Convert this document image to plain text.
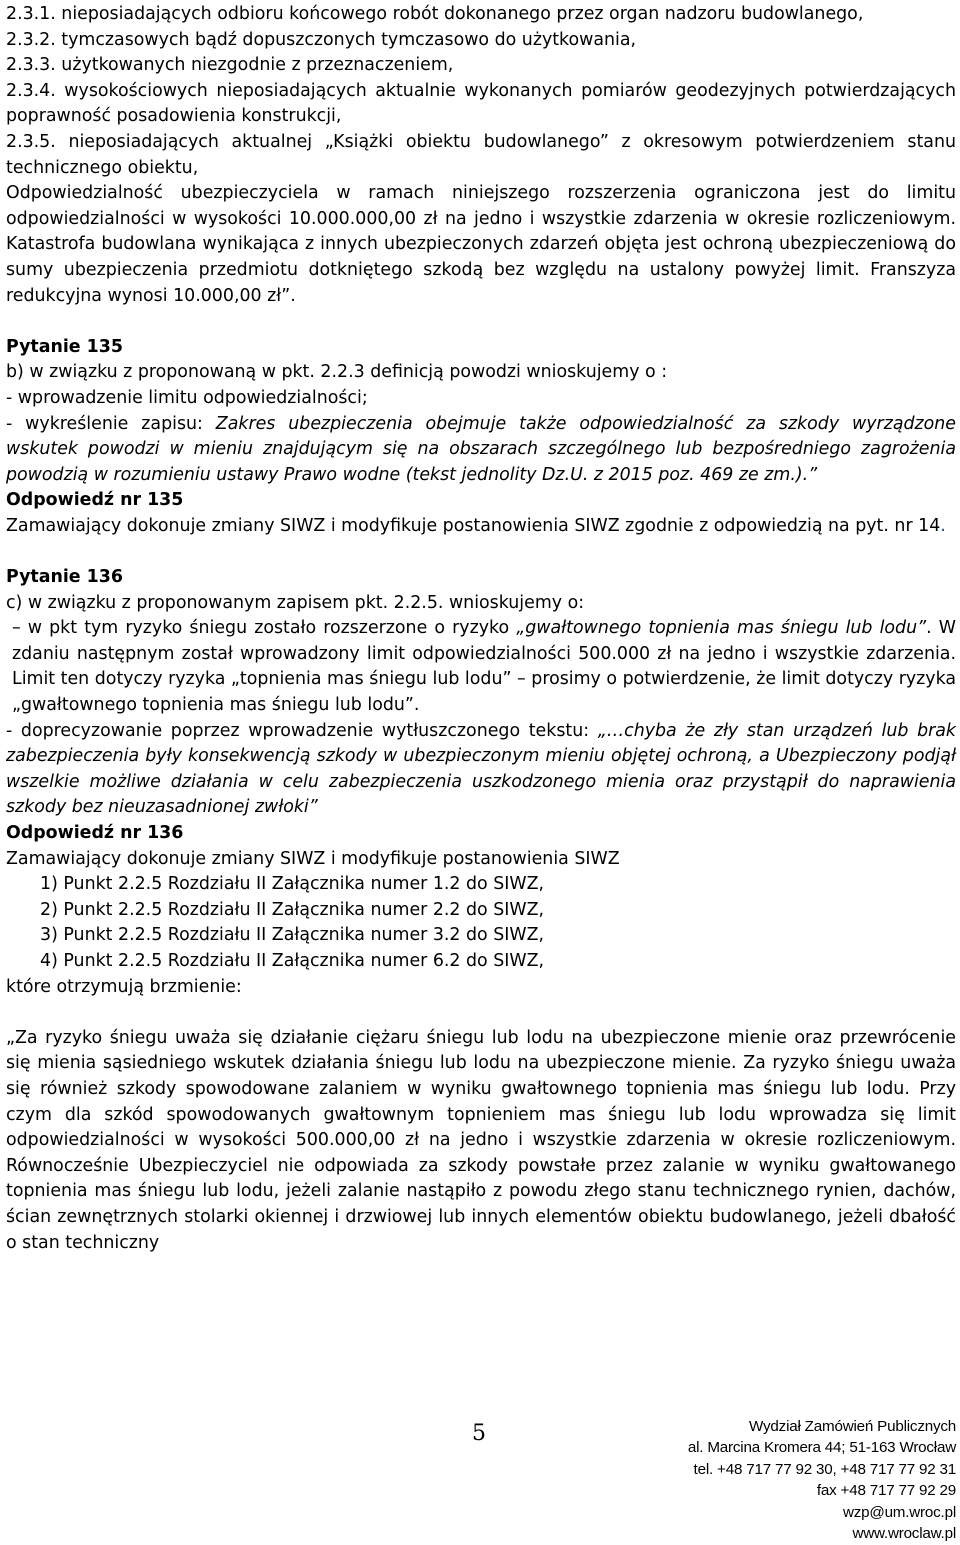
2.3.1. nieposiadających odbioru końcowego robót dokonanego przez organ nadzoru budowlanego,

2.3.2. tymczasowych bądź dopuszczonych tymczasowo do użytkowania,

2.3.3. użytkowanych niezgodnie z przeznaczeniem,

2.3.4. wysokościowych nieposiadających aktualnie wykonanych pomiarów geodezyjnych potwierdzających poprawność posadowienia konstrukcji,

2.3.5. nieposiadających aktualnej „Książki obiektu budowlanego” z okresowym potwierdzeniem stanu technicznego obiektu,

Odpowiedzialność ubezpieczyciela w ramach niniejszego rozszerzenia ograniczona jest do limitu odpowiedzialności w wysokości 10.000.000,00 zł na jedno i wszystkie zdarzenia w okresie rozliczeniowym. Katastrofa budowlana wynikająca z innych ubezpieczonych zdarzeń objęta jest ochroną ubezpieczeniową do sumy ubezpieczenia przedmiotu dotkniętego szkodą bez względu na ustalony powyżej limit. Franszyza redukcyjna wynosi 10.000,00 zł”.

Pytanie 135

b) w związku z proponowaną w pkt. 2.2.3 definicją powodzi wnioskujemy o :

- wprowadzenie limitu odpowiedzialności;

- wykreślenie zapisu: Zakres ubezpieczenia obejmuje także odpowiedzialność za szkody wyrządzone wskutek powodzi w mieniu znajdującym się na obszarach szczególnego lub bezpośredniego zagrożenia powodzią w rozumieniu ustawy Prawo wodne (tekst jednolity Dz.U. z 2015 poz. 469 ze zm.).”

Odpowiedź nr 135

Zamawiający dokonuje zmiany SIWZ i modyfikuje postanowienia SIWZ zgodnie z odpowiedzią na pyt. nr 14.

Pytanie 136

c) w związku z proponowanym zapisem pkt. 2.2.5. wnioskujemy o:

– w pkt tym ryzyko śniegu zostało rozszerzone o ryzyko „gwałtownego topnienia mas śniegu lub lodu”. W zdaniu następnym został wprowadzony limit odpowiedzialności 500.000 zł na jedno i wszystkie zdarzenia. Limit ten dotyczy ryzyka „topnienia mas śniegu lub lodu” – prosimy o potwierdzenie, że limit dotyczy ryzyka „gwałtownego topnienia mas śniegu lub lodu”.

- doprecyzowanie poprzez wprowadzenie wytłuszczonego tekstu: „…chyba że zły stan urządzeń lub brak zabezpieczenia były konsekwencją szkody w ubezpieczonym mieniu objętej ochroną, a Ubezpieczony podjął wszelkie możliwe działania w celu zabezpieczenia uszkodzonego mienia oraz przystąpił do naprawienia szkody bez nieuzasadnionej zwłoki”

Odpowiedź nr 136

Zamawiający dokonuje zmiany SIWZ i modyfikuje postanowienia SIWZ

1) Punkt 2.2.5 Rozdziału II Załącznika numer 1.2 do SIWZ,
2) Punkt 2.2.5 Rozdziału II Załącznika numer 2.2 do SIWZ,
3) Punkt 2.2.5 Rozdziału II Załącznika numer 3.2 do SIWZ,
4) Punkt 2.2.5 Rozdziału II Załącznika numer 6.2 do SIWZ,

które otrzymują brzmienie:

„Za ryzyko śniegu uważa się działanie ciężaru śniegu lub lodu na ubezpieczone mienie oraz przewrócenie się mienia sąsiedniego wskutek działania śniegu lub lodu na ubezpieczone mienie. Za ryzyko śniegu uważa się również szkody spowodowane zalaniem w wyniku gwałtownego topnienia mas śniegu lub lodu. Przy czym dla szkód spowodowanych gwałtownym topnieniem mas śniegu lub lodu wprowadza się limit odpowiedzialności w wysokości 500.000,00 zł na jedno i wszystkie zdarzenia w okresie rozliczeniowym. Równocześnie Ubezpieczyciel nie odpowiada za szkody powstałe przez zalanie w wyniku gwałtowanego topnienia mas śniegu lub lodu, jeżeli zalanie nastąpiło z powodu złego stanu technicznego rynien, dachów, ścian zewnętrznych stolarki okiennej i drzwiowej lub innych elementów obiektu budowlanego, jeżeli dbałość o stan techniczny

5	Wydział Zamówień Publicznych
al. Marcina Kromera 44; 51-163 Wrocław
tel. +48 717 77 92 30, +48 717 77 92 31
fax +48 717 77 92 29
wzp@um.wroc.pl
www.wroclaw.pl
